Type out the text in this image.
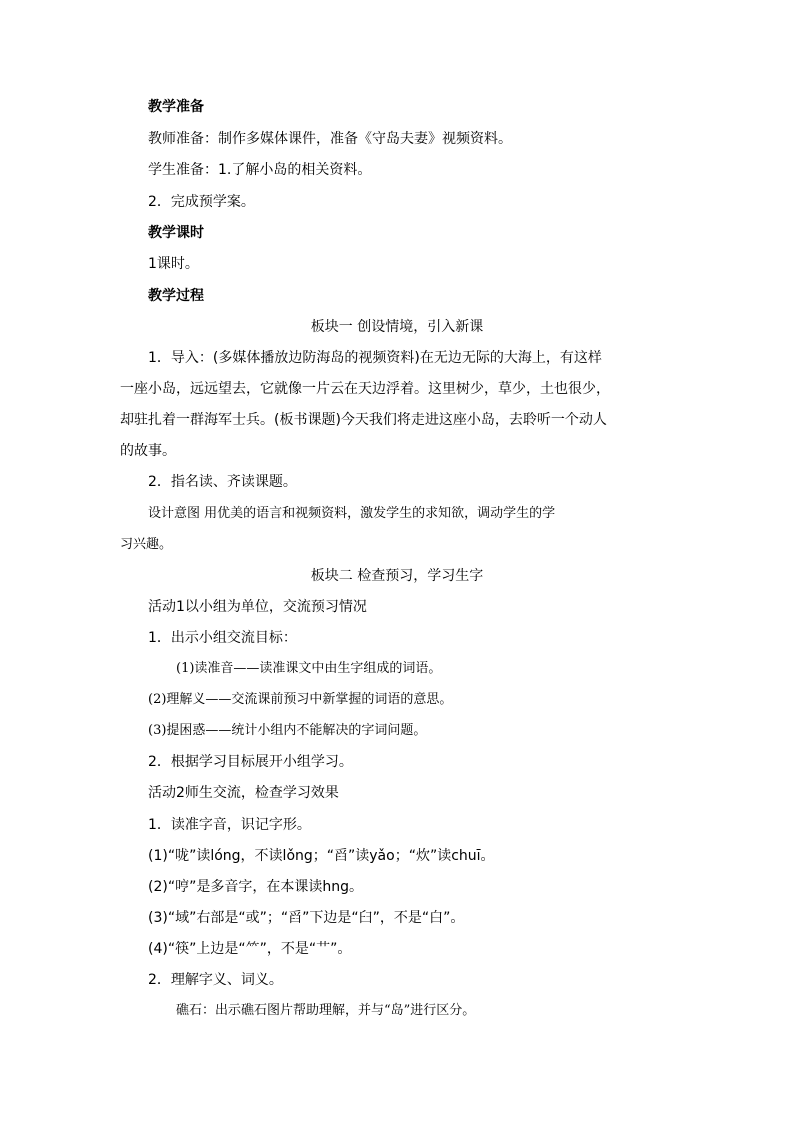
教学准备
教师准备：制作多媒体课件，准备《守岛夫妻》视频资料。
学生准备：1.了解小岛的相关资料。
2．完成预学案。
教学课时
1课时。
教学过程
板块一 创设情境，引入新课
1．导入：(多媒体播放边防海岛的视频资料)在无边无际的大海上，有这样
一座小岛，远远望去，它就像一片云在天边浮着。这里树少，草少，土也很少，
却驻扎着一群海军士兵。(板书课题)今天我们将走进这座小岛，去聆听一个动人
的故事。
2．指名读、齐读课题。
设计意图 用优美的语言和视频资料，激发学生的求知欲，调动学生的学
习兴趣。
板块二 检查预习，学习生字
活动1以小组为单位，交流预习情况
1．出示小组交流目标：
(1)读准音——读准课文中由生字组成的词语。
(2)理解义——交流课前预习中新掌握的词语的意思。
(3)提困惑——统计小组内不能解决的字词问题。
2．根据学习目标展开小组学习。
活动2师生交流，检查学习效果
1．读准字音，识记字形。
(1)“咙”读lóng，不读lǒng；“舀”读yǎo；“炊”读chuī。
(2)“哼”是多音字，在本课读hng。
(3)“域”右部是“或”；“舀”下边是“臼”，不是“白”。
(4)“筷”上边是“⺮”，不是“艹”。
2．理解字义、词义。
礁石：出示礁石图片帮助理解，并与“岛”进行区分。
